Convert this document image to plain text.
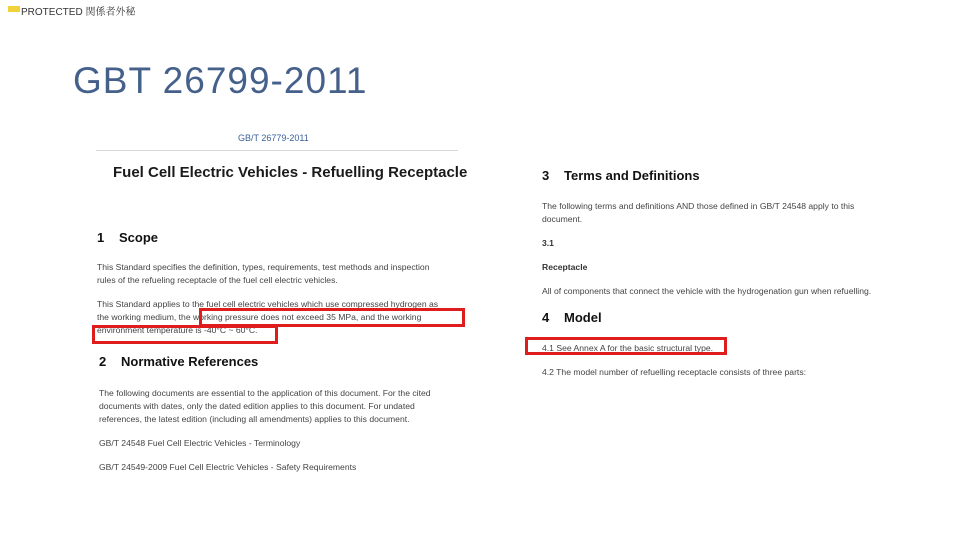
PROTECTED 関係者外秘
GBT 26799-2011
GB/T 26779-2011
Fuel Cell Electric Vehicles - Refuelling Receptacle
1 Scope
This Standard specifies the definition, types, requirements, test methods and inspection
rules of the refueling receptacle of the fuel cell electric vehicles.
This Standard applies to the fuel cell electric vehicles which use compressed hydrogen as
the working medium, the working pressure does not exceed 35 MPa, and the working
environment temperature is -40°C ~ 60°C.
2 Normative References
The following documents are essential to the application of this document. For the cited
documents with dates, only the dated edition applies to this document. For undated
references, the latest edition (including all amendments) applies to this document.
GB/T 24548 Fuel Cell Electric Vehicles - Terminology
GB/T 24549-2009 Fuel Cell Electric Vehicles - Safety Requirements
3 Terms and Definitions
The following terms and definitions AND those defined in GB/T 24548 apply to this
document.
3.1
Receptacle
All of components that connect the vehicle with the hydrogenation gun when refuelling.
4 Model
4.1 See Annex A for the basic structural type.
4.2 The model number of refuelling receptacle consists of three parts:
